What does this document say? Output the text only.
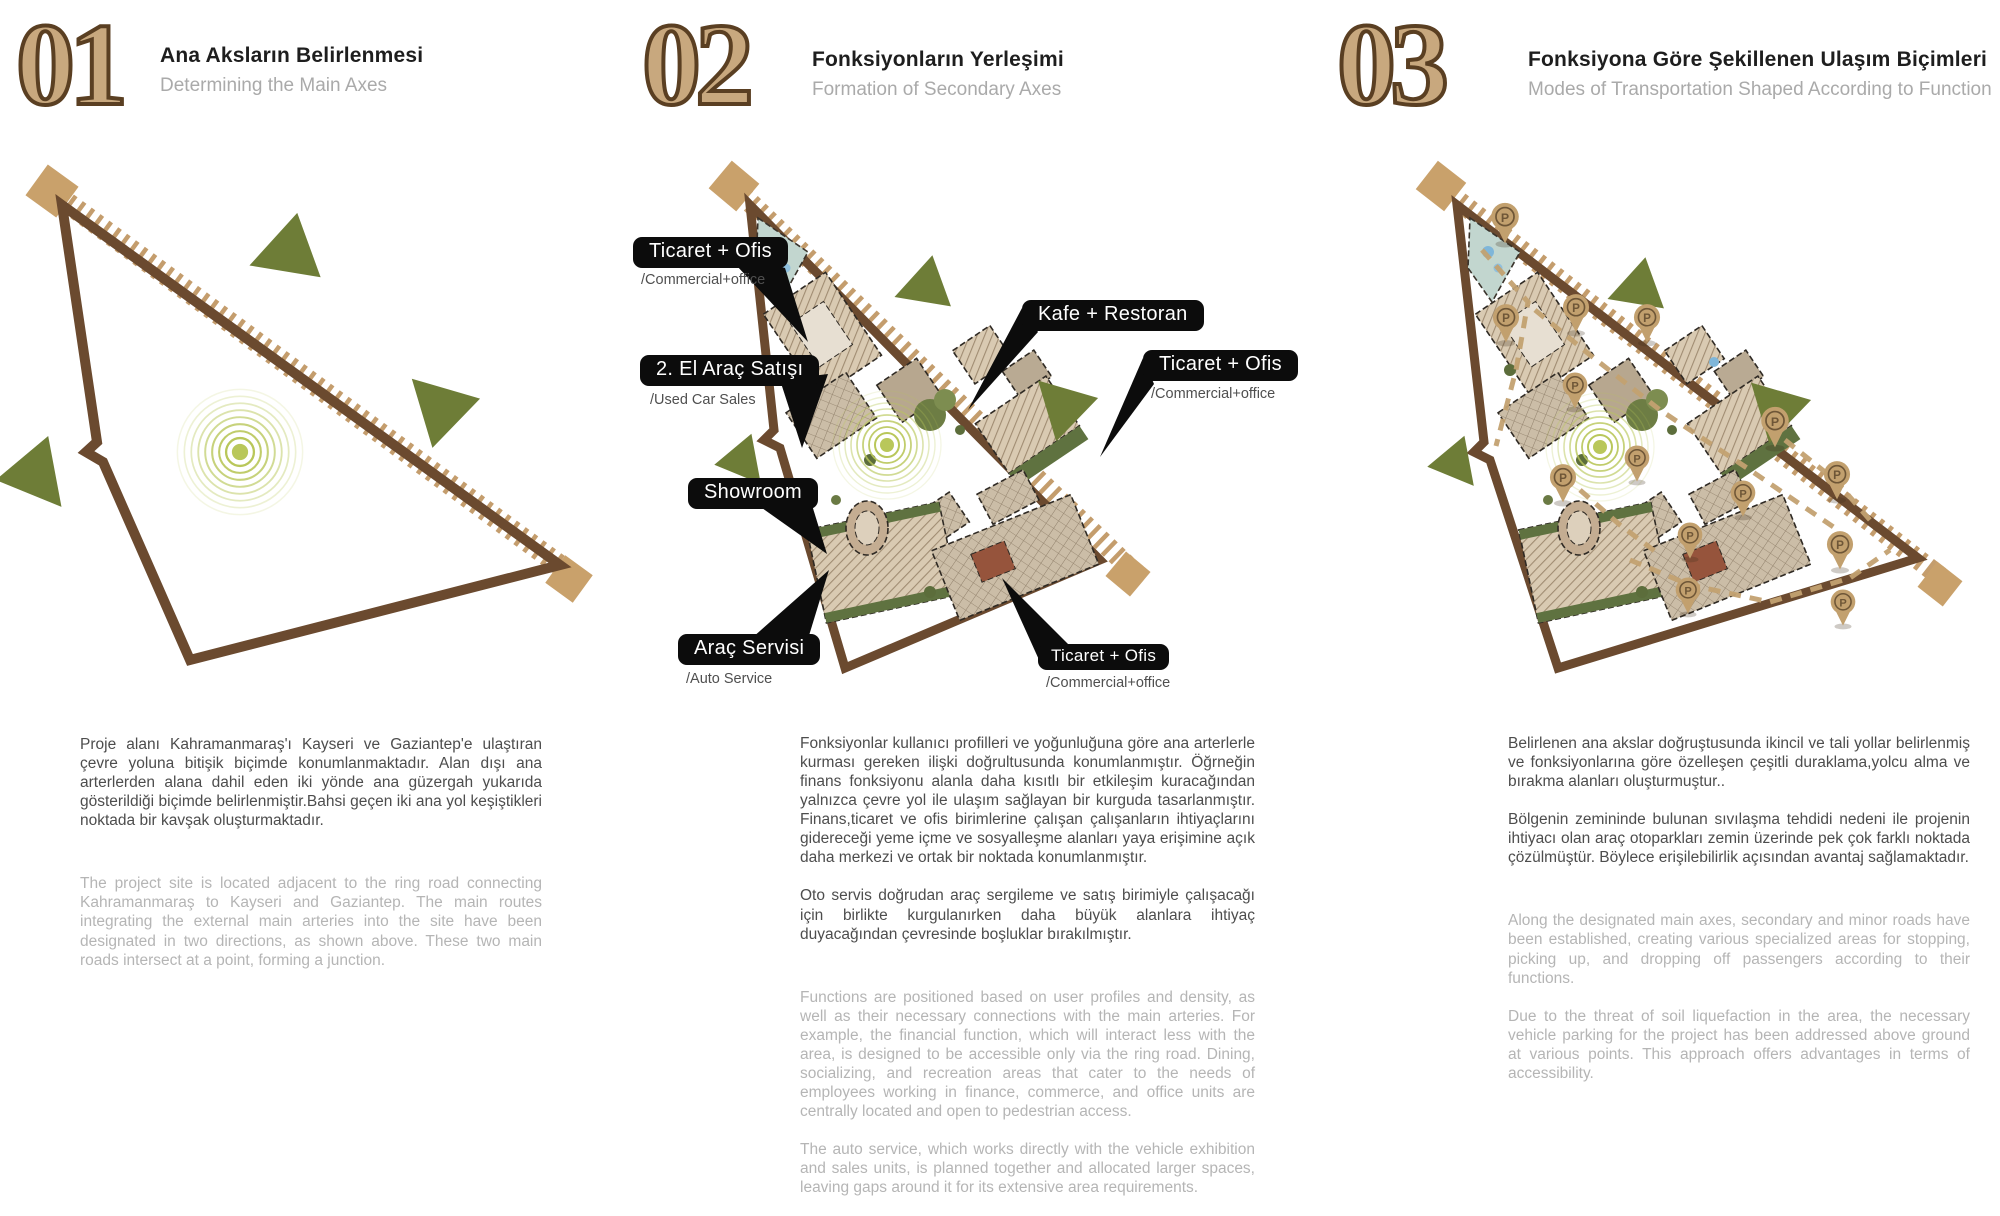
01 Ana Aksların Belirlenmesi
Determining the Main Axes	02	Fonksiyonların Yerleşimi
Formation of Secondary Axes 03	Fonksiyona Göre Şekillenen Ulaşım Biçimleri
Modes of Transportation Shaped According to Function
Ticaret + Ofis
/Commercial+office
2. El Araç Satışı
/Used Car Sales
Kafe + Restoran
Ticaret + Ofis
/Commercial+office
Showroom
Araç Servisi
/Auto Service
Ticaret + Ofis
/Commercial+office

Proje alanı Kahramanmaraş'ı Kayseri ve Gaziantep'e ulaştıran çevre yoluna bitişik biçimde konumlanmaktadır. Alan dışı ana arterlerden alana dahil eden iki yönde ana güzergah yukarıda gösterildiği biçimde belirlenmiştir.Bahsi geçen iki ana yol keşiştikleri noktada bir kavşak oluşturmaktadır.

The project site is located adjacent to the ring road connecting Kahramanmaraş to Kayseri and Gaziantep. The main routes integrating the external main arteries into the site have been designated in two directions, as shown above. These two main roads intersect at a point, forming a junction.

Fonksiyonlar kullanıcı profilleri ve yoğunluğuna göre ana arterlerle kurması gereken ilişki doğrultusunda konumlanmıştır. Öğrneğin finans fonksiyonu alanla daha kısıtlı bir etkileşim kuracağından yalnızca çevre yol ile ulaşım sağlayan bir kurguda tasarlanmıştır. Finans,ticaret ve ofis birimlerine çalışan çalışanların ihtiyaçlarını gidereceği yeme içme ve sosyalleşme alanları yaya erişimine açık daha merkezi ve ortak bir noktada konumlanmıştır.

Oto servis doğrudan araç sergileme ve satış birimiyle çalışacağı için birlikte kurgulanırken daha büyük alanlara ihtiyaç duyacağından çevresinde boşluklar bırakılmıştır.

Functions are positioned based on user profiles and density, as well as their necessary connections with the main arteries. For example, the financial function, which will interact less with the area, is designed to be accessible only via the ring road. Dining, socializing, and recreation areas that cater to the needs of employees working in finance, commerce, and office units are centrally located and open to pedestrian access.

The auto service, which works directly with the vehicle exhibition and sales units, is planned together and allocated larger spaces, leaving gaps around it for its extensive area requirements.

Belirlenen ana akslar doğruştusunda ikincil ve tali yollar belirlenmiş ve fonksiyonlarına göre özelleşen çeşitli duraklama,yolcu alma ve bırakma alanları oluşturmuştur..

Bölgenin zemininde bulunan sıvılaşma tehdidi nedeni ile projenin ihtiyacı olan araç otoparkları zemin üzerinde pek çok farklı noktada çözülmüştür. Böylece erişilebilirlik açısından avantaj sağlamaktadır.

Along the designated main axes, secondary and minor roads have been established, creating various specialized areas for stopping, picking up, and dropping off passengers according to their functions.

Due to the threat of soil liquefaction in the area, the necessary vehicle parking for the project has been addressed above ground at various points. This approach offers advantages in terms of accessibility.
